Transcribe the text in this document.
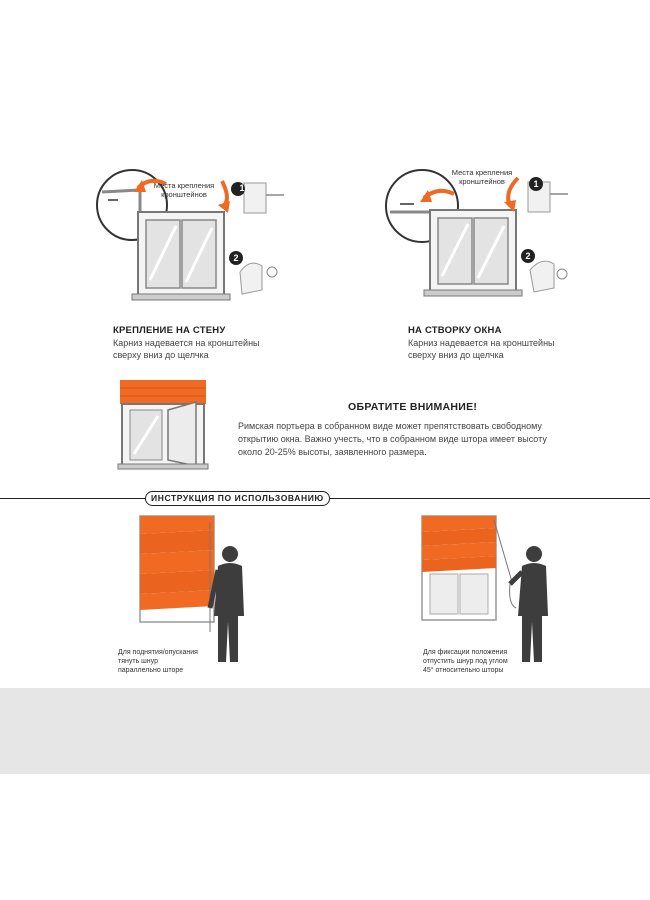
Места крепления
кронштейнов
1
2
КРЕПЛЕНИЕ НА СТЕНУ
Карниз надевается на кронштейны
сверху вниз до щелчка
Места крепления
кронштейнов	1
2
НА СТВОРКУ ОКНА
Карниз надевается на кронштейны
сверху вниз до щелчка
ОБРАТИТЕ ВНИМАНИЕ!
Римская портьера в собранном виде может препятствовать свободному
открытию окна. Важно учесть, что в собранном виде штора имеет высоту
около 20-25% высоты, заявленного размера.
ИНСТРУКЦИЯ ПО ИСПОЛЬЗОВАНИЮ
Для поднятия/опускания
тянуть шнур
параллельно шторе
Для фиксации положения
отпустить шнур под углом
45° относительно шторы
